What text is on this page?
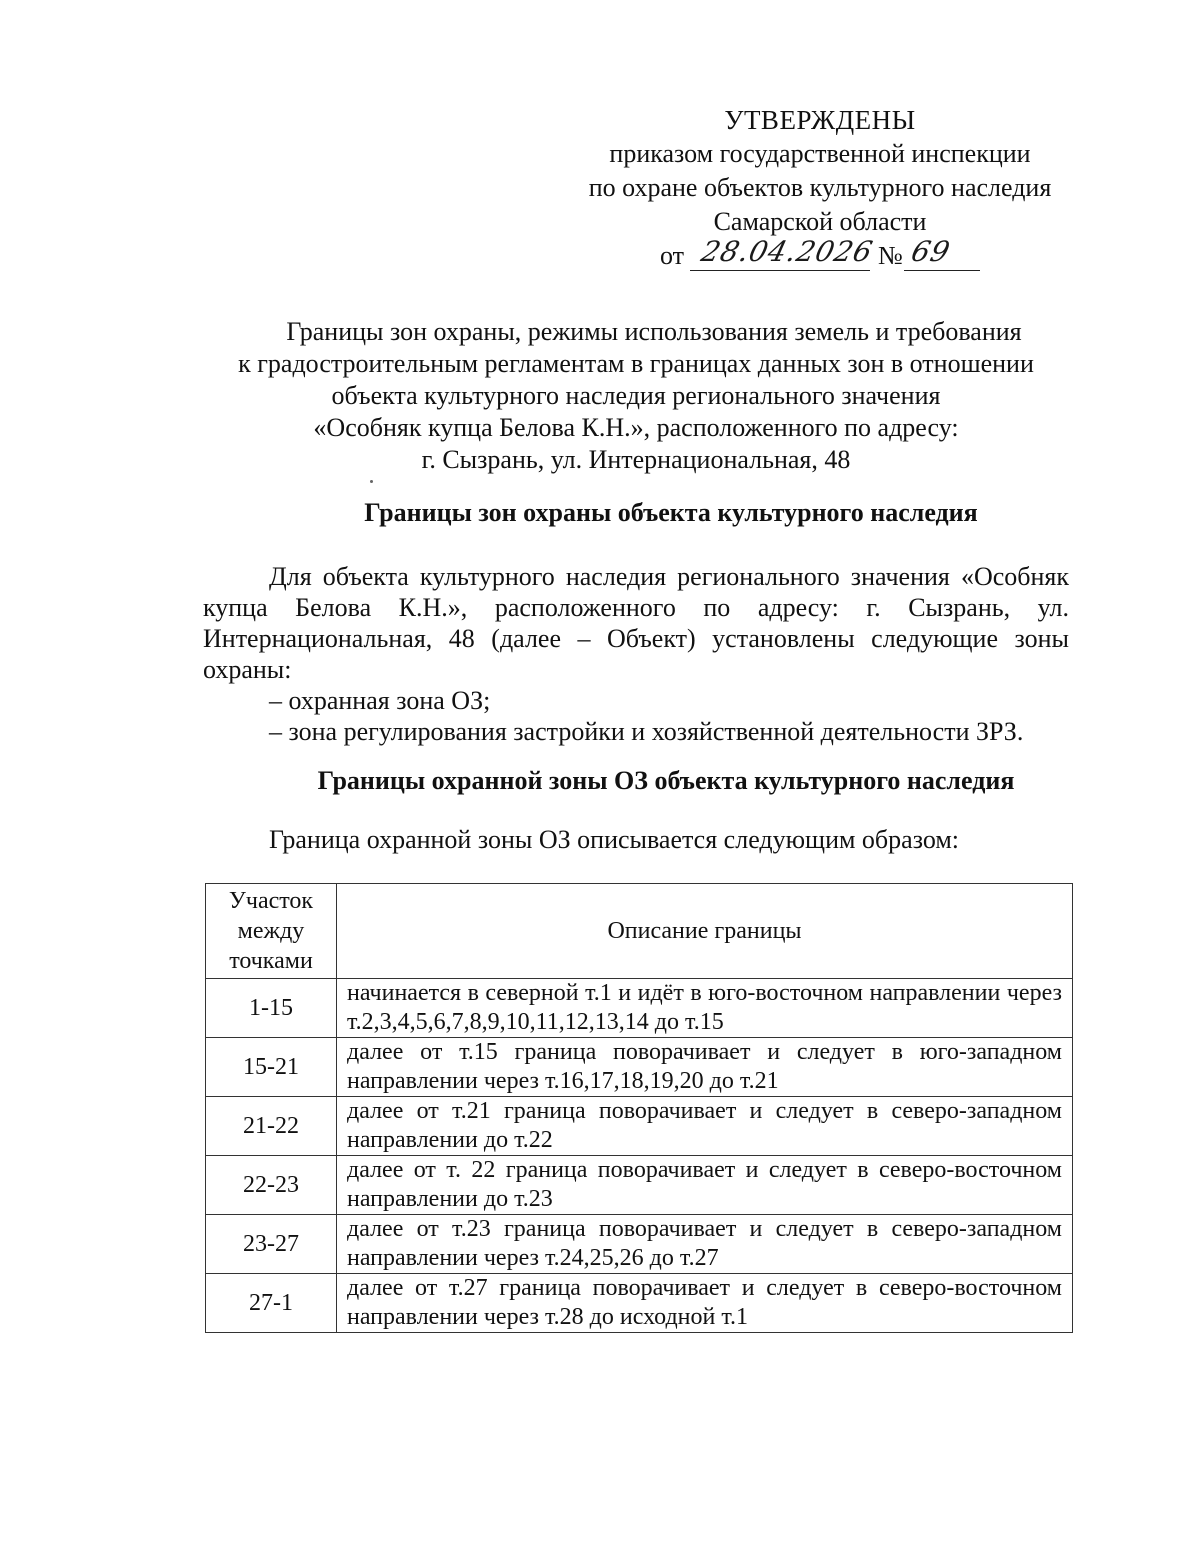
УТВЕРЖДЕНЫ
приказом государственной инспекции
по охране объектов культурного наследия
Самарской области
от 28.04.2026 № 69
Границы зон охраны, режимы использования земель и требования
к градостроительным регламентам в границах данных зон в отношении
объекта культурного наследия регионального значения
«Особняк купца Белова К.Н.», расположенного по адресу:
г. Сызрань, ул. Интернациональная, 48
Границы зон охраны объекта культурного наследия

Для объекта культурного наследия регионального значения «Особняк купца Белова К.Н.», расположенного по адресу: г. Сызрань, ул. Интернациональная, 48 (далее – Объект) установлены следующие зоны охраны:

– охранная зона ОЗ;

– зона регулирования застройки и хозяйственной деятельности ЗРЗ.

Границы охранной зоны ОЗ объекта культурного наследия
Граница охранной зоны ОЗ описывается следующим образом:
Участок
между
точками	Описание границы
1-15	начинается в северной т.1 и идёт в юго-восточном направлении через т.2,3,4,5,6,7,8,9,10,11,12,13,14 до т.15
15-21	далее от т.15 граница поворачивает и следует в юго-западном направлении через т.16,17,18,19,20 до т.21
21-22	далее от т.21 граница поворачивает и следует в северо-западном направлении до т.22
22-23	далее от т. 22 граница поворачивает и следует в северо-восточном направлении до т.23
23-27	далее от т.23 граница поворачивает и следует в северо-западном направлении через т.24,25,26 до т.27
27-1	далее от т.27 граница поворачивает и следует в северо-восточном направлении через т.28 до исходной т.1
